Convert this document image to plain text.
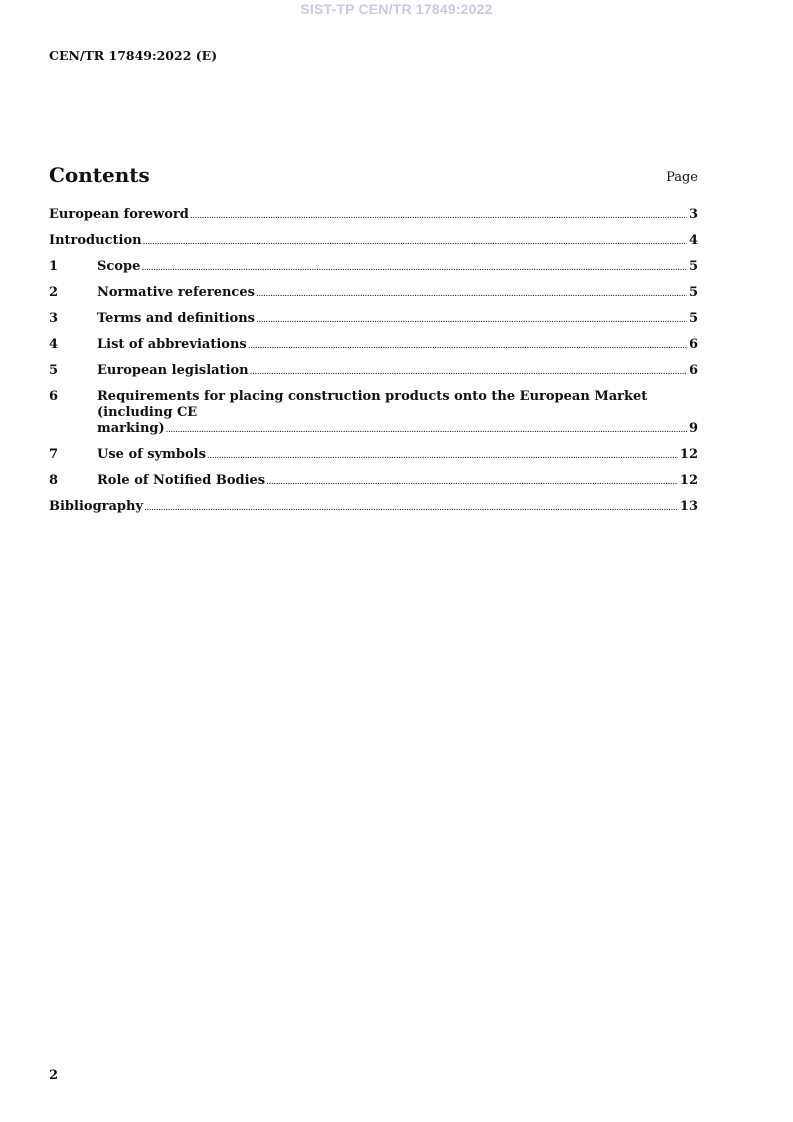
SIST-TP CEN/TR 17849:2022
CEN/TR 17849:2022 (E)
Contents	Page
European foreword .....	3
Introduction .....	4
1	Scope .....	5
2	Normative references .....	5
3	Terms and definitions .....	5
4	List of abbreviations .....	6
5	European legislation .....	6
6	Requirements for placing construction products onto the European Market (including CE
marking) .....	9
7	Use of symbols .....	12
8	Role of Notified Bodies .....	12
Bibliography .....	13
2
